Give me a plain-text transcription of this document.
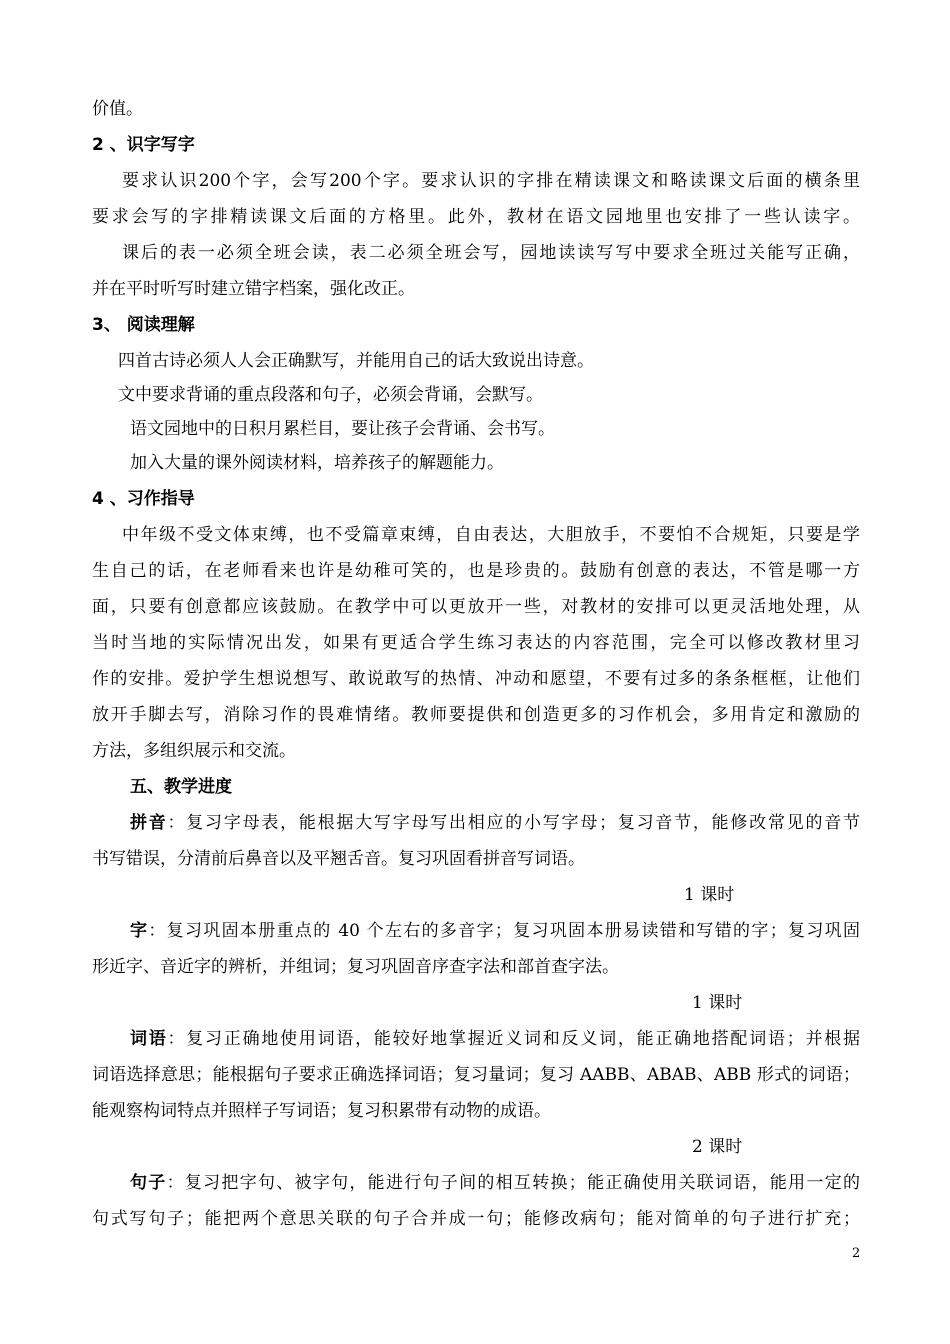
价值。
2 、识字写字
要求认识200个字，会写200个字。要求认识的字排在精读课文和略读课文后面的横条里
要求会写的字排精读课文后面的方格里。此外，教材在语文园地里也安排了一些认读字。
课后的表一必须全班会读，表二必须全班会写，园地读读写写中要求全班过关能写正确，
并在平时听写时建立错字档案，强化改正。
3、 阅读理解
四首古诗必须人人会正确默写，并能用自己的话大致说出诗意。
文中要求背诵的重点段落和句子，必须会背诵，会默写。
语文园地中的日积月累栏目，要让孩子会背诵、会书写。
加入大量的课外阅读材料，培养孩子的解题能力。
4 、习作指导
中年级不受文体束缚，也不受篇章束缚，自由表达，大胆放手，不要怕不合规矩，只要是学
生自己的话，在老师看来也许是幼稚可笑的，也是珍贵的。鼓励有创意的表达，不管是哪一方
面，只要有创意都应该鼓励。在教学中可以更放开一些，对教材的安排可以更灵活地处理，从
当时当地的实际情况出发，如果有更适合学生练习表达的内容范围，完全可以修改教材里习
作的安排。爱护学生想说想写、敢说敢写的热情、冲动和愿望，不要有过多的条条框框，让他们
放开手脚去写，消除习作的畏难情绪。教师要提供和创造更多的习作机会，多用肯定和激励的
方法，多组织展示和交流。
五、教学进度
拼音：复习字母表，能根据大写字母写出相应的小写字母；复习音节，能修改常见的音节
书写错误，分清前后鼻音以及平翘舌音。复习巩固看拼音写词语。
1 课时
字：复习巩固本册重点的 40 个左右的多音字；复习巩固本册易读错和写错的字；复习巩固
形近字、音近字的辨析，并组词；复习巩固音序查字法和部首查字法。
1 课时
词语：复习正确地使用词语，能较好地掌握近义词和反义词，能正确地搭配词语；并根据
词语选择意思；能根据句子要求正确选择词语；复习量词；复习 AABB、ABAB、ABB 形式的词语；
能观察构词特点并照样子写词语；复习积累带有动物的成语。
2 课时
句子：复习把字句、被字句，能进行句子间的相互转换；能正确使用关联词语，能用一定的
句式写句子；能把两个意思关联的句子合并成一句；能修改病句；能对简单的句子进行扩充；
2
